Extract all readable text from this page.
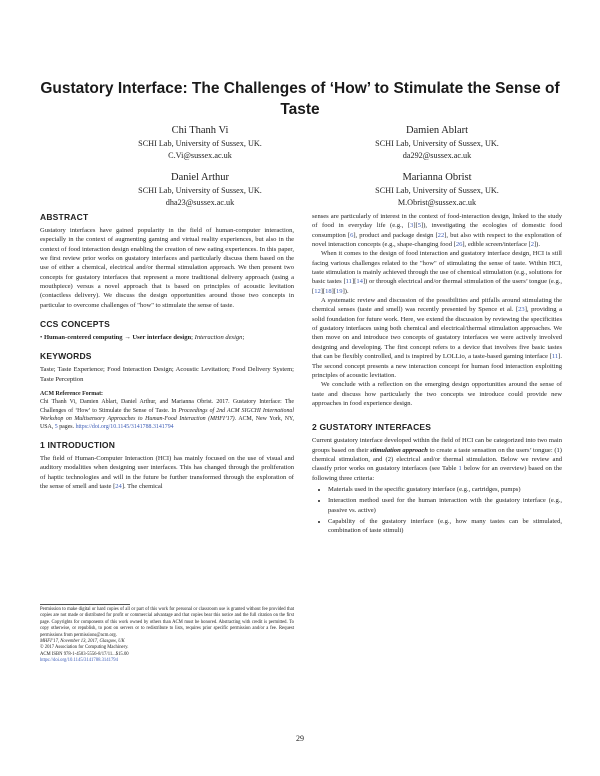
Gustatory Interface: The Challenges of ‘How’ to Stimulate the Sense of Taste
Chi Thanh Vi
SCHI Lab, University of Sussex, UK.
C.Vi@sussex.ac.uk
Damien Ablart
SCHI Lab, University of Sussex, UK.
da292@sussex.ac.uk
Daniel Arthur
SCHI Lab, University of Sussex, UK.
dha23@sussex.ac.uk
Marianna Obrist
SCHI Lab, University of Sussex, UK.
M.Obrist@sussex.ac.uk
ABSTRACT

Gustatory interfaces have gained popularity in the field of human-computer interaction, especially in the context of augmenting gaming and virtual reality experiences, but also in the context of food interaction design enabling the creation of new eating experiences. In this paper, we first review prior works on gustatory interfaces and particularly discuss them based on the use of either a chemical, electrical and/or thermal stimulation approach. We then present two concepts for gustatory interfaces that represent a more traditional delivery approach (using a mouthpiece) versus a novel approach that is based on principles of acoustic levitation (contactless delivery). We discuss the design opportunities around those two concepts in particular to overcome challenges of "how" to stimulate the sense of taste.

CCS CONCEPTS

• Human-centered computing → User interface design; Interaction design;

KEYWORDS

Taste; Taste Experience; Food Interaction Design; Acoustic Levitation; Food Delivery System; Taste Perception

ACM Reference Format:
Chi Thanh Vi, Damien Ablart, Daniel Arthur, and Marianna Obrist. 2017. Gustatory Interface: The Challenges of ‘How’ to Stimulate the Sense of Taste. In Proceedings of 2nd ACM SIGCHI International Workshop on Multisensory Approaches to Human-Food Interaction (MHFI’17). ACM, New York, NY, USA, 5 pages. https://doi.org/10.1145/3141788.3141794

1 INTRODUCTION

The field of Human-Computer Interaction (HCI) has mainly focused on the use of visual and auditory modalities when designing user interfaces. This has changed through the proliferation of haptic technologies and will in the future be further transformed through the exploration of the sense of smell and taste [24]. The chemical

Permission to make digital or hard copies of all or part of this work for personal or classroom use is granted without fee provided that copies are not made or distributed for profit or commercial advantage and that copies bear this notice and the full citation on the first page. Copyrights for components of this work owned by others than ACM must be honored. Abstracting with credit is permitted. To copy otherwise, or republish, to post on servers or to redistribute to lists, requires prior specific permission and/or a fee. Request permissions from permissions@acm.org.

MHFI’17, November 13, 2017, Glasgow, UK

© 2017 Association for Computing Machinery.

ACM ISBN 978-1-4503-5556-8/17/11...$15.00

https://doi.org/10.1145/3141788.3141794

senses are particularly of interest in the context of food-interaction design, linked to the study of food in everyday life (e.g., [3][5]), investigating the ecologies of domestic food consumption [6], product and package design [22], but also with respect to the exploration of novel interaction concepts (e.g., shape-changing food [26], edible screen/interface [2]).

When it comes to the design of food interaction and gustatory interface design, HCI is still facing various challenges related to the "how" of stimulating the sense of taste. Within HCI, taste stimulation is mainly achieved through the use of chemical stimulation (e.g., solutions for basic tastes [11][14]) or through electrical and/or thermal stimulation of the users’ tongue (e.g., [12][18][19]).

A systematic review and discussion of the possibilities and pitfalls around stimulating the chemical senses (taste and smell) was recently presented by Spence et al. [23], providing a solid foundation for future work. Here, we extend the discussion by reviewing the specificities of gustatory interfaces using both chemical and electrical/thermal stimulation approaches. We then move on and introduce two concepts of gustatory interfaces we were actively involved designing and developing. The first concept refers to a device that involves five basic tastes that can be flexibly controlled, and is inspired by LOLLio, a taste-based gaming interface [11]. The second concept presents a new interaction concept for human food interaction exploiting principles of acoustic levitation.

We conclude with a reflection on the emerging design opportunities around the sense of taste and discuss how particularly the two concepts we introduce could provide new approaches in food experience design.

2 GUSTATORY INTERFACES

Current gustatory interface developed within the field of HCI can be categorized into two main groups based on their stimulation approach to create a taste sensation on the users’ tongue: (1) chemical stimulation, and (2) electrical and/or thermal stimulation. Below we review and classify prior works on gustatory interfaces (see Table 1 below for an overview) based on the following three criteria:

• Materials used in the specific gustatory interface (e.g., cartridges, pumps)
• Interaction method used for the human interaction with the gustatory interface (e.g., passive vs. active)
• Capability of the gustatory interface (e.g., how many tastes can be stimulated, combination of taste stimuli)
29
